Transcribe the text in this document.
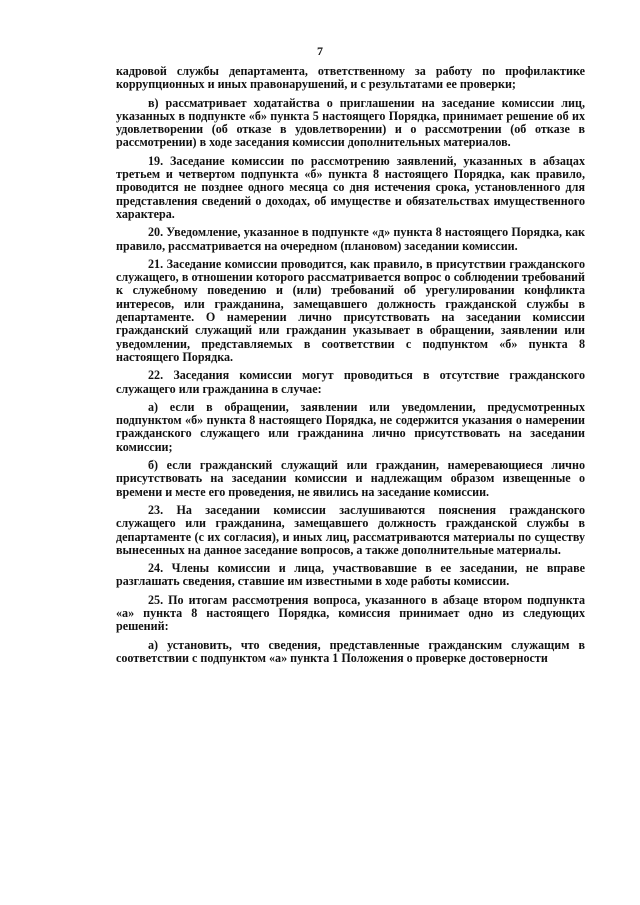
7

кадровой службы департамента, ответственному за работу по профилактике коррупционных и иных правонарушений, и с результатами ее проверки;

в) рассматривает ходатайства о приглашении на заседание комиссии лиц, указанных в подпункте «б» пункта 5 настоящего Порядка, принимает решение об их удовлетворении (об отказе в удовлетворении) и о рассмотрении (об отказе в рассмотрении) в ходе заседания комиссии дополнительных материалов.

19. Заседание комиссии по рассмотрению заявлений, указанных в абзацах третьем и четвертом подпункта «б» пункта 8 настоящего Порядка, как правило, проводится не позднее одного месяца со дня истечения срока, установленного для представления сведений о доходах, об имуществе и обязательствах имущественного характера.

20. Уведомление, указанное в подпункте «д» пункта 8 настоящего Порядка, как правило, рассматривается на очередном (плановом) заседании комиссии.

21. Заседание комиссии проводится, как правило, в присутствии гражданского служащего, в отношении которого рассматривается вопрос о соблюдении требований к служебному поведению и (или) требований об урегулировании конфликта интересов, или гражданина, замещавшего должность гражданской службы в департаменте. О намерении лично присутствовать на заседании комиссии гражданский служащий или гражданин указывает в обращении, заявлении или уведомлении, представляемых в соответствии с подпунктом «б» пункта 8 настоящего Порядка.

22. Заседания комиссии могут проводиться в отсутствие гражданского служащего или гражданина в случае:

а) если в обращении, заявлении или уведомлении, предусмотренных подпунктом «б» пункта 8 настоящего Порядка, не содержится указания о намерении гражданского служащего или гражданина лично присутствовать на заседании комиссии;

б) если гражданский служащий или гражданин, намеревающиеся лично присутствовать на заседании комиссии и надлежащим образом извещенные о времени и месте его проведения, не явились на заседание комиссии.

23. На заседании комиссии заслушиваются пояснения гражданского служащего или гражданина, замещавшего должность гражданской службы в департаменте (с их согласия), и иных лиц, рассматриваются материалы по существу вынесенных на данное заседание вопросов, а также дополнительные материалы.

24. Члены комиссии и лица, участвовавшие в ее заседании, не вправе разглашать сведения, ставшие им известными в ходе работы комиссии.

25. По итогам рассмотрения вопроса, указанного в абзаце втором подпункта «а» пункта 8 настоящего Порядка, комиссия принимает одно из следующих решений:

а) установить, что сведения, представленные гражданским служащим в соответствии с подпунктом «а» пункта 1 Положения о проверке достоверности
